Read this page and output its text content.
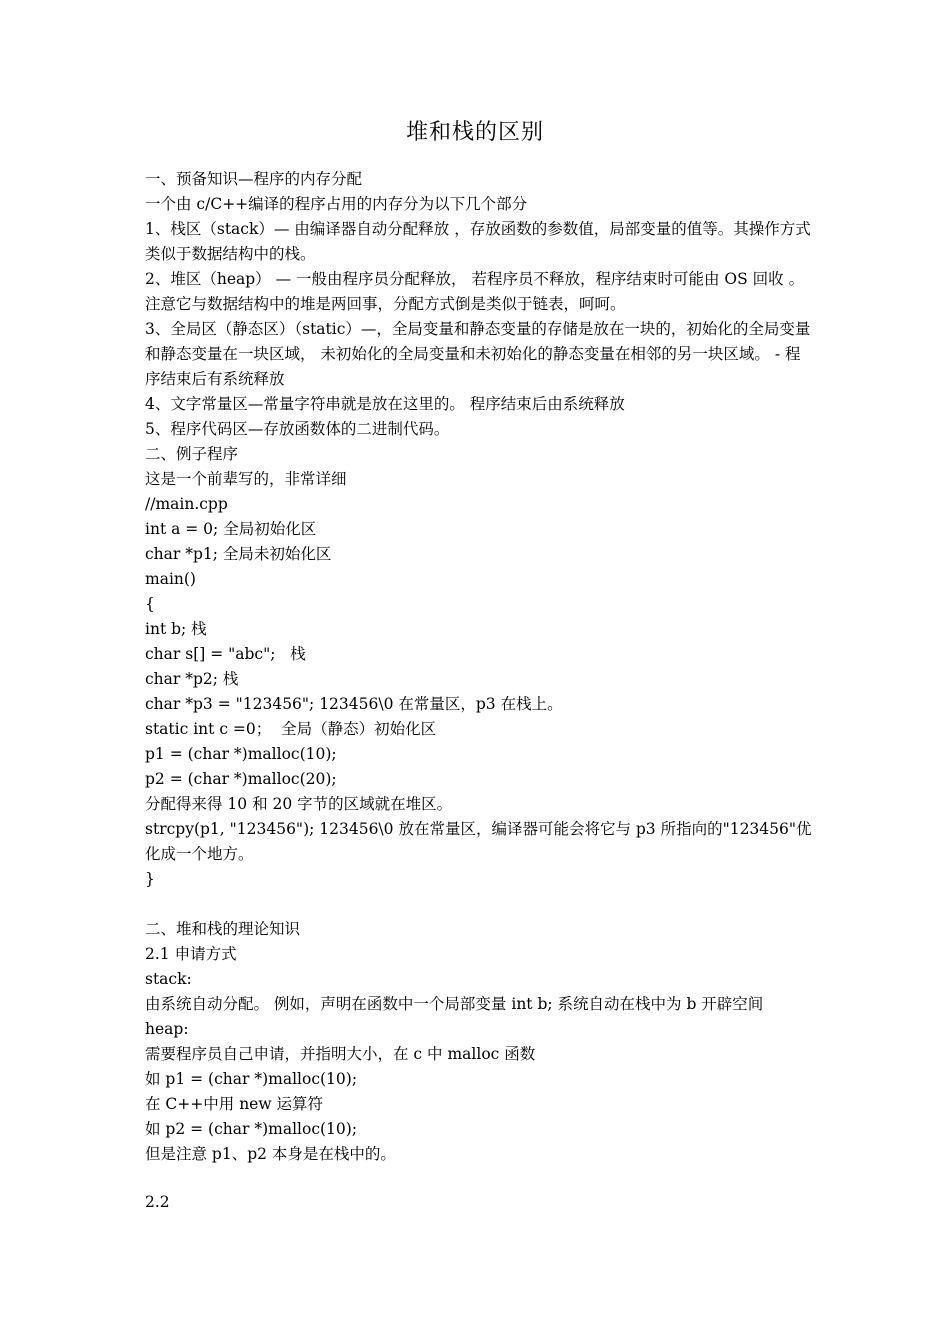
堆和栈的区别
一、预备知识—程序的内存分配
一个由 c/C++编译的程序占用的内存分为以下几个部分
1、栈区（stack）— 由编译器自动分配释放 ，存放函数的参数值，局部变量的值等。其操作方式类似于数据结构中的栈。
2、堆区（heap） — 一般由程序员分配释放， 若程序员不释放，程序结束时可能由 OS 回收 。注意它与数据结构中的堆是两回事，分配方式倒是类似于链表，呵呵。
3、全局区（静态区）（static）—，全局变量和静态变量的存储是放在一块的，初始化的全局变量和静态变量在一块区域， 未初始化的全局变量和未初始化的静态变量在相邻的另一块区域。 - 程序结束后有系统释放
4、文字常量区—常量字符串就是放在这里的。 程序结束后由系统释放
5、程序代码区—存放函数体的二进制代码。
二、例子程序
这是一个前辈写的，非常详细
//main.cpp
int a = 0; 全局初始化区
char *p1; 全局未初始化区
main()
{
int b; 栈
char s[] = "abc";   栈
char *p2; 栈
char *p3 = "123456"; 123456\0 在常量区，p3 在栈上。
static int c =0；  全局（静态）初始化区
p1 = (char *)malloc(10);
p2 = (char *)malloc(20);
分配得来得 10 和 20 字节的区域就在堆区。
strcpy(p1, "123456"); 123456\0 放在常量区，编译器可能会将它与 p3 所指向的"123456"优化成一个地方。
}
二、堆和栈的理论知识
2.1 申请方式
stack:
由系统自动分配。 例如，声明在函数中一个局部变量 int b; 系统自动在栈中为 b 开辟空间
heap:
需要程序员自己申请，并指明大小，在 c 中 malloc 函数
如 p1 = (char *)malloc(10);
在 C++中用 new 运算符
如 p2 = (char *)malloc(10);
但是注意 p1、p2 本身是在栈中的。
2.2
